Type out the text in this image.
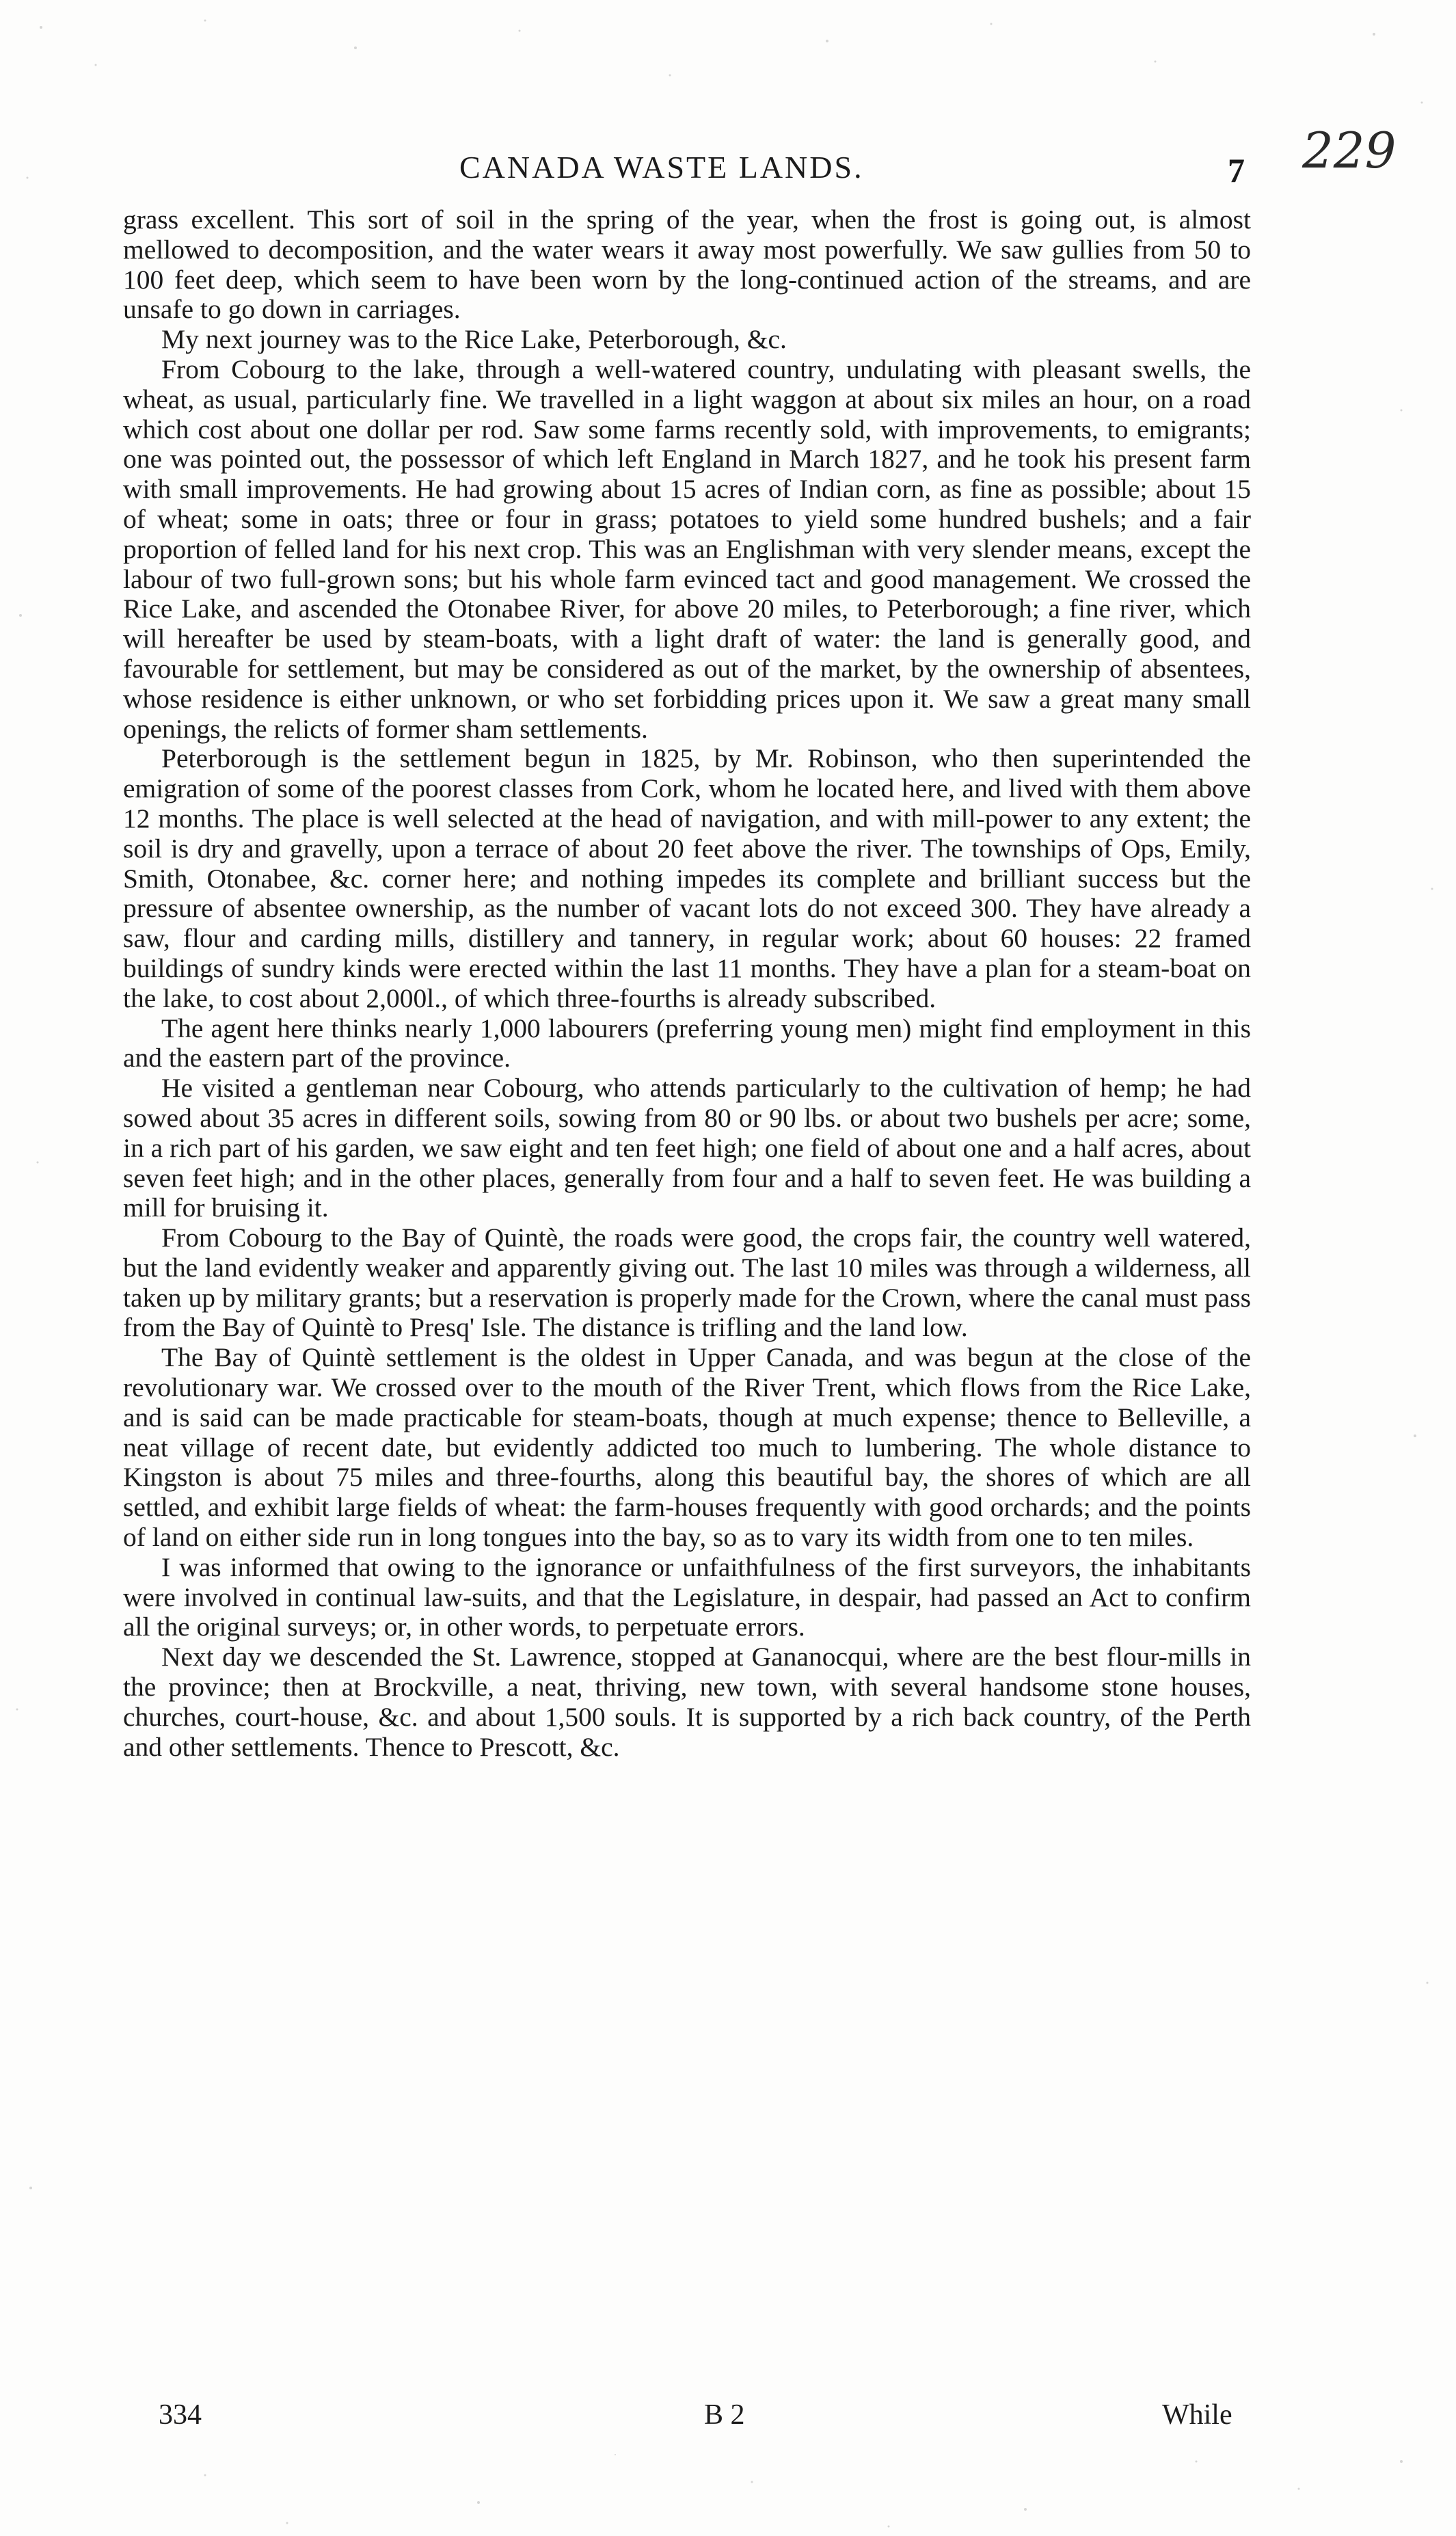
CANADA WASTE LANDS.	7 229

grass excellent. This sort of soil in the spring of the year, when the frost is going out, is almost mellowed to decomposition, and the water wears it away most powerfully. We saw gullies from 50 to 100 feet deep, which seem to have been worn by the long-continued action of the streams, and are unsafe to go down in carriages.

My next journey was to the Rice Lake, Peterborough, &c.

From Cobourg to the lake, through a well-watered country, undulating with pleasant swells, the wheat, as usual, particularly fine. We travelled in a light waggon at about six miles an hour, on a road which cost about one dollar per rod. Saw some farms recently sold, with improvements, to emigrants; one was pointed out, the possessor of which left England in March 1827, and he took his present farm with small improvements. He had growing about 15 acres of Indian corn, as fine as possible; about 15 of wheat; some in oats; three or four in grass; potatoes to yield some hundred bushels; and a fair proportion of felled land for his next crop. This was an Englishman with very slender means, except the labour of two full-grown sons; but his whole farm evinced tact and good management. We crossed the Rice Lake, and ascended the Otonabee River, for above 20 miles, to Peterborough; a fine river, which will hereafter be used by steam-boats, with a light draft of water: the land is generally good, and favourable for settlement, but may be considered as out of the market, by the ownership of absentees, whose residence is either unknown, or who set forbidding prices upon it. We saw a great many small openings, the relicts of former sham settlements.

Peterborough is the settlement begun in 1825, by Mr. Robinson, who then superintended the emigration of some of the poorest classes from Cork, whom he located here, and lived with them above 12 months. The place is well selected at the head of navigation, and with mill-power to any extent; the soil is dry and gravelly, upon a terrace of about 20 feet above the river. The townships of Ops, Emily, Smith, Otonabee, &c. corner here; and nothing impedes its complete and brilliant success but the pressure of absentee ownership, as the number of vacant lots do not exceed 300. They have already a saw, flour and carding mills, distillery and tannery, in regular work; about 60 houses: 22 framed buildings of sundry kinds were erected within the last 11 months. They have a plan for a steam-boat on the lake, to cost about 2,000l., of which three-fourths is already subscribed.

The agent here thinks nearly 1,000 labourers (preferring young men) might find employment in this and the eastern part of the province.

He visited a gentleman near Cobourg, who attends particularly to the cultivation of hemp; he had sowed about 35 acres in different soils, sowing from 80 or 90 lbs. or about two bushels per acre; some, in a rich part of his garden, we saw eight and ten feet high; one field of about one and a half acres, about seven feet high; and in the other places, generally from four and a half to seven feet. He was building a mill for bruising it.

From Cobourg to the Bay of Quintè, the roads were good, the crops fair, the country well watered, but the land evidently weaker and apparently giving out. The last 10 miles was through a wilderness, all taken up by military grants; but a reservation is properly made for the Crown, where the canal must pass from the Bay of Quintè to Presq' Isle. The distance is trifling and the land low.

The Bay of Quintè settlement is the oldest in Upper Canada, and was begun at the close of the revolutionary war. We crossed over to the mouth of the River Trent, which flows from the Rice Lake, and is said can be made practicable for steam-boats, though at much expense; thence to Belleville, a neat village of recent date, but evidently addicted too much to lumbering. The whole distance to Kingston is about 75 miles and three-fourths, along this beautiful bay, the shores of which are all settled, and exhibit large fields of wheat: the farm-houses frequently with good orchards; and the points of land on either side run in long tongues into the bay, so as to vary its width from one to ten miles.

I was informed that owing to the ignorance or unfaithfulness of the first surveyors, the inhabitants were involved in continual law-suits, and that the Legislature, in despair, had passed an Act to confirm all the original surveys; or, in other words, to perpetuate errors.

Next day we descended the St. Lawrence, stopped at Gananocqui, where are the best flour-mills in the province; then at Brockville, a neat, thriving, new town, with several handsome stone houses, churches, court-house, &c. and about 1,500 souls. It is supported by a rich back country, of the Perth and other settlements. Thence to Prescott, &c.

334	B 2	While
